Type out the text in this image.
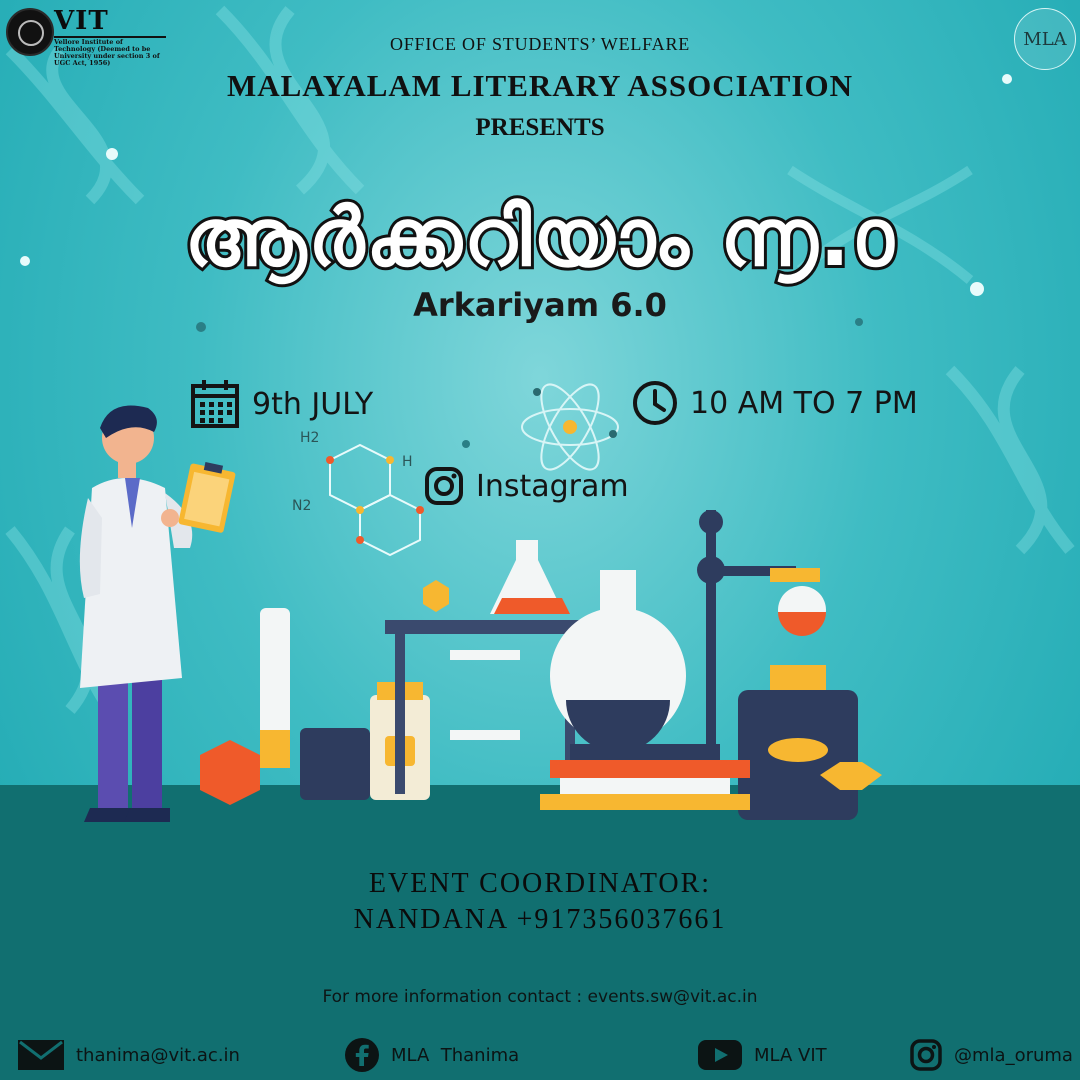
VIT
Vellore Institute of Technology (Deemed to be University under section 3 of UGC Act, 1956)
MLA
OFFICE OF STUDENTS’ WELFARE
MALAYALAM LITERARY ASSOCIATION
PRESENTS
ആർക്കറിയാം ൬.൦
Arkariyam 6.0
9th JULY	10 AM TO 7 PM
Instagram
H2
H
N2
EVENT COORDINATOR:
NANDANA +917356037661
For more information contact : events.sw@vit.ac.in
thanima@vit.ac.in	MLA  Thanima	MLA VIT	@mla_oruma
